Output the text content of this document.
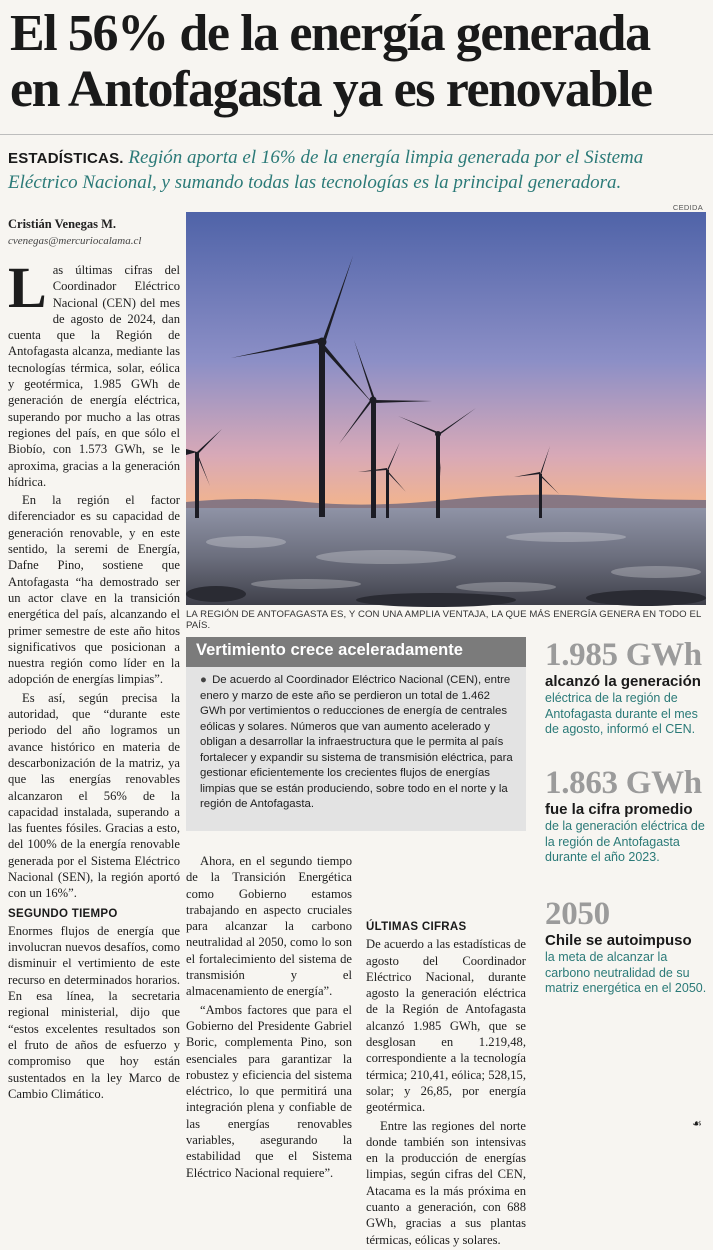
El 56% de la energía generada en Antofagasta ya es renovable
ESTADÍSTICAS. Región aporta el 16% de la energía limpia generada por el Sistema Eléctrico Nacional, y sumando todas las tecnologías es la principal generadora.
Cristián Venegas M.
cvenegas@mercuriocalama.cl

Las últimas cifras del Coordinador Eléctrico Nacional (CEN) del mes de agosto de 2024, dan cuenta que la Región de Antofagasta alcanza, mediante las tecnologías térmica, solar, eólica y geotérmica, 1.985 GWh de generación de energía eléctrica, superando por mucho a las otras regiones del país, en que sólo el Biobío, con 1.573 GWh, se le aproxima, gracias a la generación hídrica.

En la región el factor diferenciador es su capacidad de generación renovable, y en este sentido, la seremi de Energía, Dafne Pino, sostiene que Antofagasta “ha demostrado ser un actor clave en la transición energética del país, alcanzando el primer semestre de este año hitos significativos que posicionan a nuestra región como líder en la adopción de energías limpias”.

Es así, según precisa la autoridad, que “durante este periodo del año logramos un avance histórico en materia de descarbonización de la matriz, ya que las energías renovables alcanzaron el 56% de la capacidad instalada, superando a las fuentes fósiles. Gracias a esto, del 100% de la energía renovable generada por el Sistema Eléctrico Nacional (SEN), la región aportó con un 16%”.

SEGUNDO TIEMPO

Enormes flujos de energía que involucran nuevos desafíos, como disminuir el vertimiento de este recurso en determinados horarios. En esa línea, la secretaria regional ministerial, dijo que “estos excelentes resultados son el fruto de años de esfuerzo y compromiso que hoy están sustentados en la ley Marco de Cambio Climático.

CEDIDA
LA REGIÓN DE ANTOFAGASTA ES, Y CON UNA AMPLIA VENTAJA, LA QUE MÁS ENERGÍA GENERA EN TODO EL PAÍS.
Vertimiento crece aceleradamente
● De acuerdo al Coordinador Eléctrico Nacional (CEN), entre enero y marzo de este año se perdieron un total de 1.462 GWh por vertimientos o reducciones de energía de centrales eólicas y solares. Números que van aumento acelerado y obligan a desarrollar la infraestructura que le permita al país fortalecer y expandir su sistema de transmisión eléctrica, para gestionar eficientemente los crecientes flujos de energías limpias que se están produciendo, sobre todo en el norte y la región de Antofagasta.

Ahora, en el segundo tiempo de la Transición Energética como Gobierno estamos trabajando en aspecto cruciales para alcanzar la carbono neutralidad al 2050, como lo son el fortalecimiento del sistema de transmisión y el almacenamiento de energía”.

“Ambos factores que para el Gobierno del Presidente Gabriel Boric, complementa Pino, son esenciales para garantizar la robustez y eficiencia del sistema eléctrico, lo que permitirá una integración plena y confiable de las energías renovables variables, asegurando la estabilidad que el Sistema Eléctrico Nacional requiere”.

ÚLTIMAS CIFRAS

De acuerdo a las estadísticas de agosto del Coordinador Eléctrico Nacional, durante agosto la generación eléctrica de la Región de Antofagasta alcanzó 1.985 GWh, que se desglosan en 1.219,48, correspondiente a la tecnología térmica; 210,41, eólica; 528,15, solar; y 26,85, por energía geotérmica.

Entre las regiones del norte donde también son intensivas en la producción de energías limpias, según cifras del CEN, Atacama es la más próxima en cuanto a generación, con 688 GWh, gracias a sus plantas térmicas, eólicas y solares.

1.985 GWh
alcanzó la generación
eléctrica de la región de Antofagasta durante el mes de agosto, informó el CEN.
1.863 GWh
fue la cifra promedio
de la generación eléctrica de la región de Antofagasta durante el año 2023.
2050
Chile se autoimpuso
la meta de alcanzar la carbono neutralidad de su matriz energética en el 2050.
☙
